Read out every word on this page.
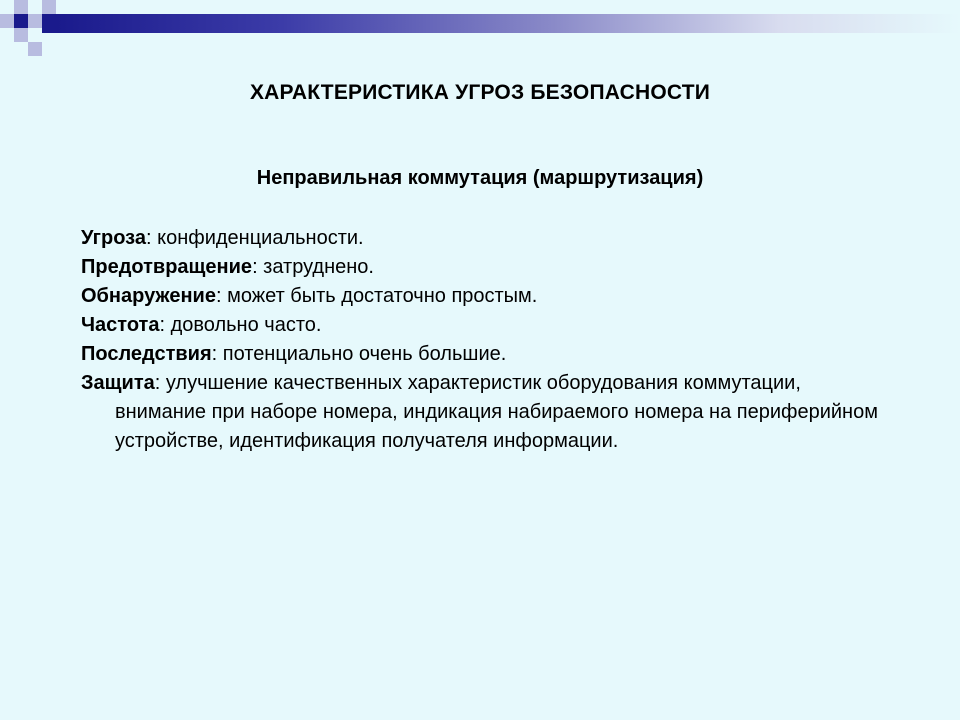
ХАРАКТЕРИСТИКА УГРОЗ БЕЗОПАСНОСТИ
Неправильная коммутация (маршрутизация)
Угроза: конфиденциальности.
Предотвращение: затруднено.
Обнаружение: может быть достаточно простым.
Частота: довольно часто.
Последствия: потенциально очень большие.
Защита: улучшение качественных характеристик оборудования коммутации, внимание при наборе номера, индикация набираемого номера на периферийном устройстве, идентификация получателя информации.
